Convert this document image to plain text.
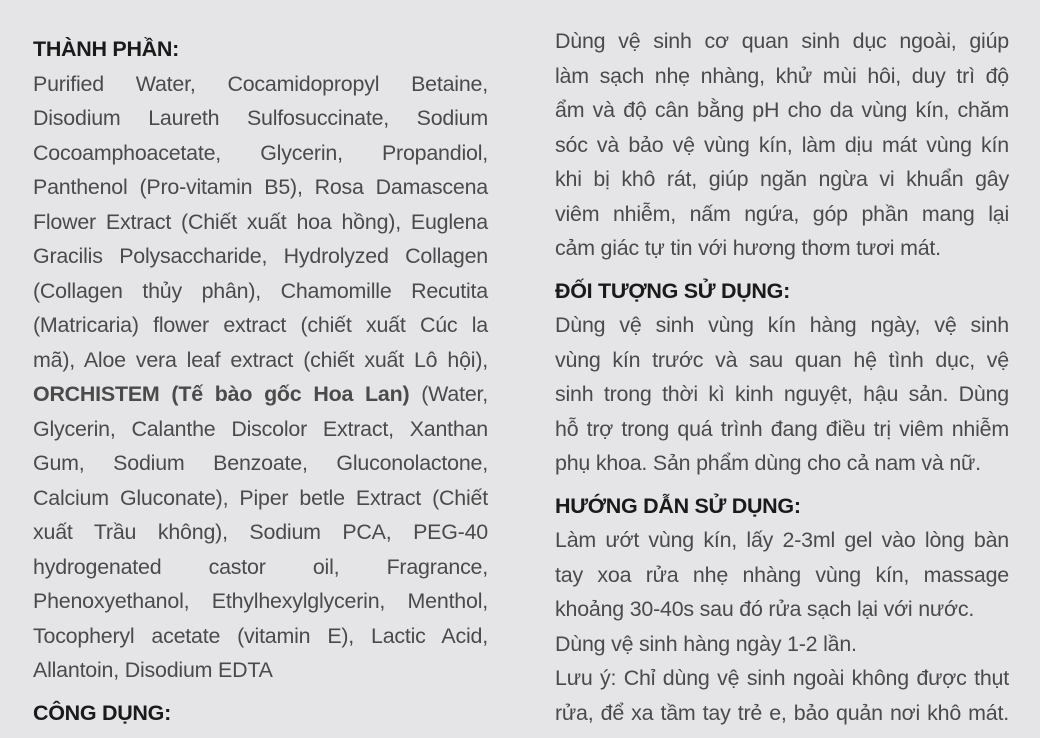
THÀNH PHẦN:
Purified Water, Cocamidopropyl Betaine,
Disodium Laureth Sulfosuccinate, Sodium
Cocoamphoacetate, Glycerin, Propandiol,
Panthenol (Pro-vitamin B5), Rosa Damascena
Flower Extract (Chiết xuất hoa hồng), Euglena
Gracilis Polysaccharide, Hydrolyzed Collagen
(Collagen thủy phân), Chamomille Recutita
(Matricaria) flower extract (chiết xuất Cúc la
mã), Aloe vera leaf extract (chiết xuất Lô hội),
ORCHISTEM (Tế bào gốc Hoa Lan) (Water,
Glycerin, Calanthe Discolor Extract, Xanthan
Gum, Sodium Benzoate, Gluconolactone,
Calcium Gluconate), Piper betle Extract (Chiết
xuất Trầu không), Sodium PCA, PEG-40
hydrogenated castor oil, Fragrance,
Phenoxyethanol, Ethylhexylglycerin, Menthol,
Tocopheryl acetate (vitamin E), Lactic Acid,
Allantoin, Disodium EDTA
CÔNG DỤNG:
Dùng vệ sinh cơ quan sinh dục ngoài, giúp
làm sạch nhẹ nhàng, khử mùi hôi, duy trì độ
ẩm và độ cân bằng pH cho da vùng kín, chăm
sóc và bảo vệ vùng kín, làm dịu mát vùng kín
khi bị khô rát, giúp ngăn ngừa vi khuẩn gây
viêm nhiễm, nấm ngứa, góp phần mang lại
cảm giác tự tin với hương thơm tươi mát.
ĐỐI TƯỢNG SỬ DỤNG:
Dùng vệ sinh vùng kín hàng ngày, vệ sinh
vùng kín trước và sau quan hệ tình dục, vệ
sinh trong thời kì kinh nguyệt, hậu sản. Dùng
hỗ trợ trong quá trình đang điều trị viêm nhiễm
phụ khoa. Sản phẩm dùng cho cả nam và nữ.
HƯỚNG DẪN SỬ DỤNG:
Làm ướt vùng kín, lấy 2-3ml gel vào lòng bàn
tay xoa rửa nhẹ nhàng vùng kín, massage
khoảng 30-40s sau đó rửa sạch lại với nước.
Dùng vệ sinh hàng ngày 1-2 lần.
Lưu ý: Chỉ dùng vệ sinh ngoài không được thụt
rửa, để xa tầm tay trẻ e, bảo quản nơi khô mát.
